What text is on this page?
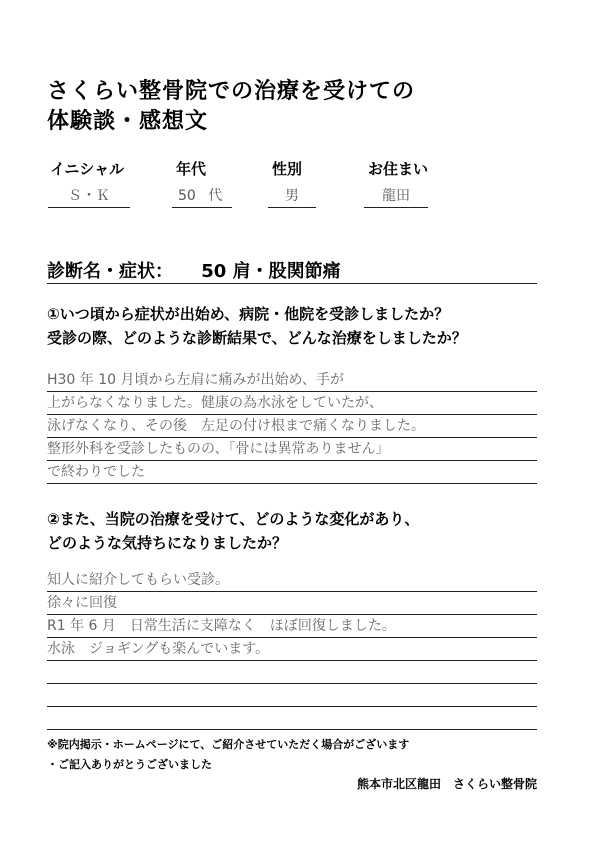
さくらい整骨院での治療を受けての
体験談・感想文
イニシャル	年代	性別	お住まい
Ｓ・Ｋ	50 代	男	龍田
診断名・症状： 50 肩・股関節痛
①いつ頃から症状が出始め、病院・他院を受診しましたか？
受診の際、どのような診断結果で、どんな治療をしましたか？
H30 年 10 月頃から左肩に痛みが出始め、手が
上がらなくなりました。健康の為水泳をしていたが、
泳げなくなり、その後　左足の付け根まで痛くなりました。
整形外科を受診したものの、「骨には異常ありません」
で終わりでした
②また、当院の治療を受けて、どのような変化があり、
どのような気持ちになりましたか？
知人に紹介してもらい受診。
徐々に回復
R1 年 6 月　日常生活に支障なく　ほぼ回復しました。
水泳　ジョギングも楽んでいます。
※院内掲示・ホームページにて、ご紹介させていただく場合がございます
・ご記入ありがとうございました
熊本市北区龍田　さくらい整骨院
